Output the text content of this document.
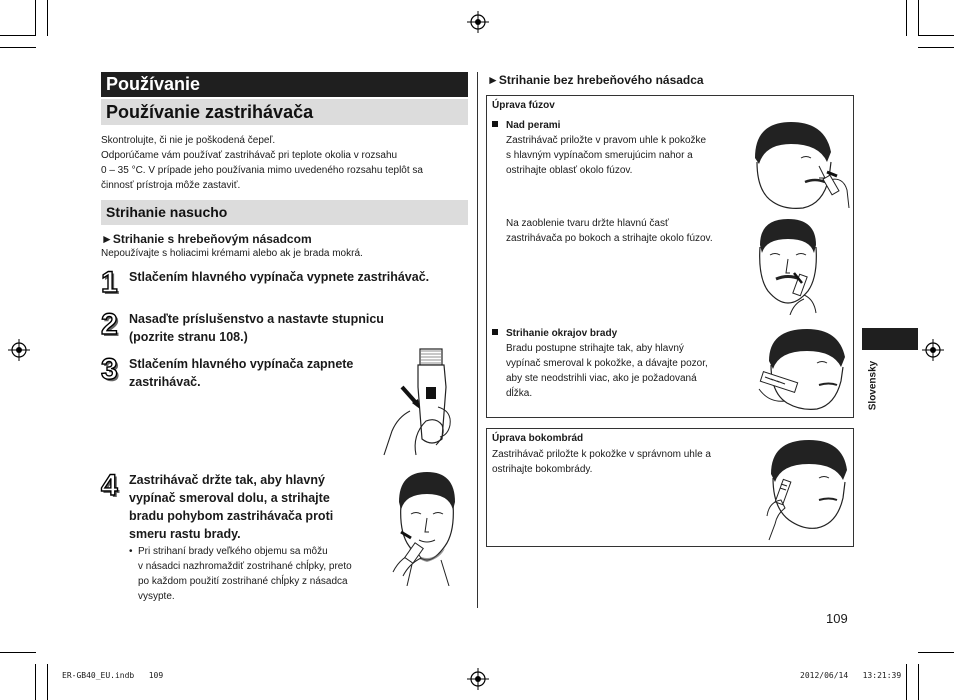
Používanie
Používanie zastrihávača
Skontrolujte, či nie je poškodená čepeľ.
Odporúčame vám používať zastrihávač pri teplote okolia v rozsahu
0 – 35 °C. V prípade jeho používania mimo uvedeného rozsahu teplôt sa
činnosť prístroja môže zastaviť.
Strihanie nasucho
►Strihanie s hrebeňovým násadcom
Nepoužívajte s holiacimi krémami alebo ak je brada mokrá.
1 Stlačením hlavného vypínača vypnete zastrihávač.
2 Nasaďte príslušenstvo a nastavte stupnicu
(pozrite stranu 108.)
3 Stlačením hlavného vypínača zapnete
zastrihávač.
4 Zastrihávač držte tak, aby hlavný
vypínač smeroval dolu, a strihajte
bradu pohybom zastrihávača proti
smeru rastu brady.
• Pri strihaní brady veľkého objemu sa môžu
v násadci nazhromaždiť zostrihané chĺpky, preto
po každom použití zostrihané chĺpky z násadca
vysypte.
►Strihanie bez hrebeňového násadca
Úprava fúzov
Nad perami
Zastrihávač priložte v pravom uhle k pokožke
s hlavným vypínačom smerujúcim nahor a
ostrihajte oblasť okolo fúzov.
Na zaoblenie tvaru držte hlavnú časť
zastrihávača po bokoch a strihajte okolo fúzov.
Strihanie okrajov brady
Bradu postupne strihajte tak, aby hlavný
vypínač smeroval k pokožke, a dávajte pozor,
aby ste neodstrihli viac, ako je požadovaná
dĺžka.
Úprava bokombrád
Zastrihávač priložte k pokožke v správnom uhle a
ostrihajte bokombrády.
Slovensky
109
ER-GB40_EU.indb   109	2012/06/14   13:21:39
